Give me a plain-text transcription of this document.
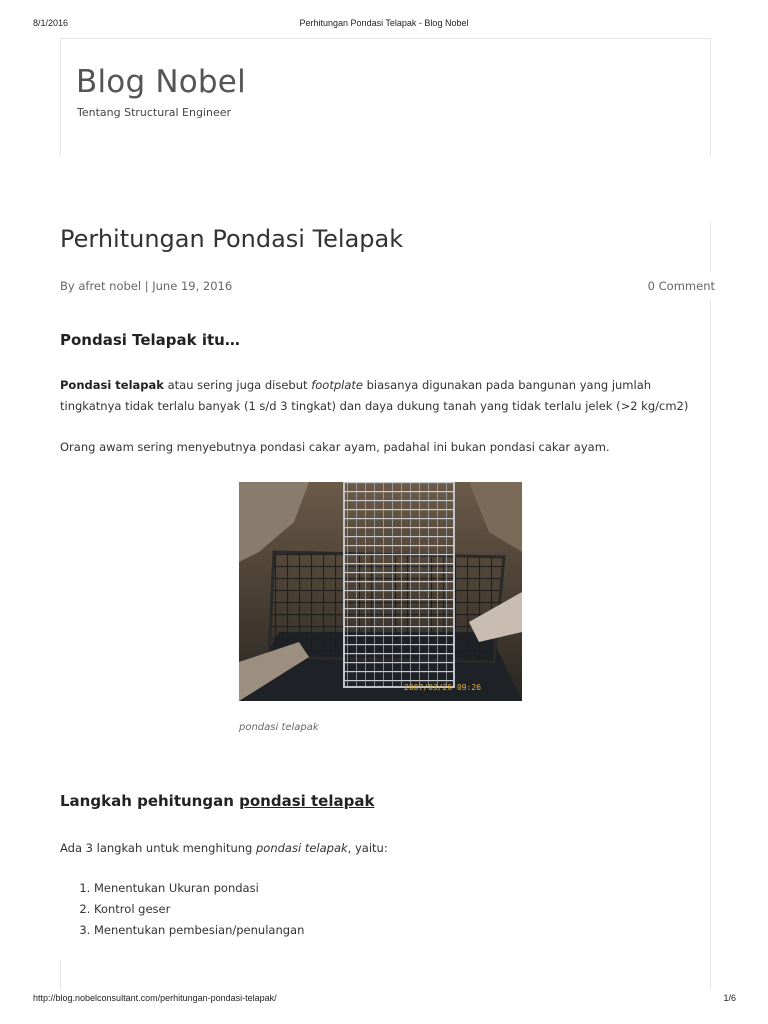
8/1/2016	Perhitungan Pondasi Telapak - Blog Nobel
Blog Nobel
Tentang Structural Engineer
Perhitungan Pondasi Telapak
By afret nobel | June 19, 2016	0 Comment
Pondasi Telapak itu…

Pondasi telapak atau sering juga disebut footplate biasanya digunakan pada bangunan yang jumlah tingkatnya tidak terlalu banyak (1 s/d 3 tingkat) dan daya dukung tanah yang tidak terlalu jelek (>2 kg/cm2)

Orang awam sering menyebutnya pondasi cakar ayam, padahal ini bukan pondasi cakar ayam.

2007/03/26 09:26
pondasi telapak
Langkah pehitungan pondasi telapak

Ada 3 langkah untuk menghitung pondasi telapak, yaitu:

1. Menentukan Ukuran pondasi
2. Kontrol geser
3. Menentukan pembesian/penulangan
http://blog.nobelconsultant.com/perhitungan-pondasi-telapak/	1/6
